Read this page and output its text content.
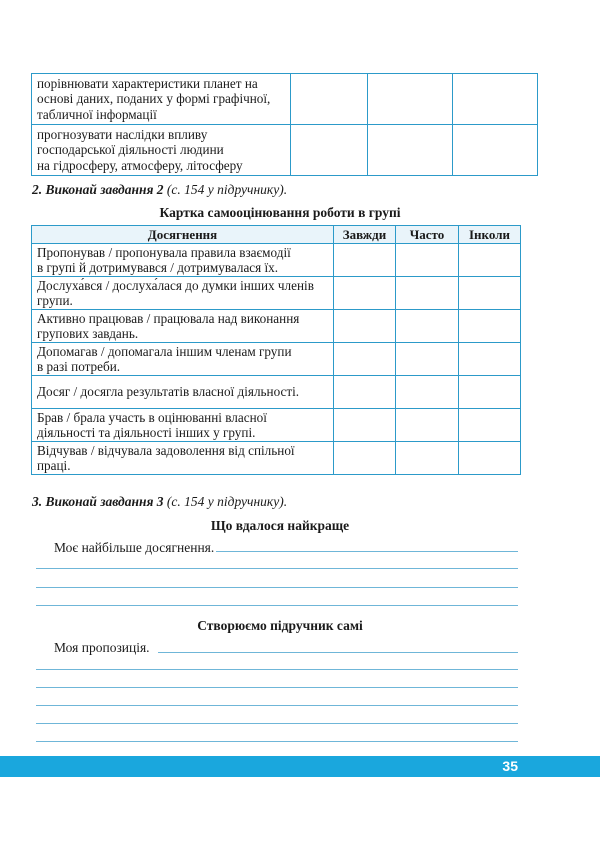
порівнювати характеристики планет на
основі даних, поданих у формі графічної,
табличної інформації			

прогнозувати наслідки впливу
господарської діяльності людини
на гідросферу, атмосферу, літосферу			

2. Виконай завдання 2 (с. 154 у підручнику).
Картка самооцінювання роботи в групі
Досягнення	Завжди	Часто	Інколи

Пропонував / пропонувала правила взаємодії
в групі й дотримувався / дотримувалася їх.			

Дослуха́вся / дослуха́лася до думки інших членів
групи.			

Активно працював / працювала над виконання
групових завдань.			

Допомагав / допомагала іншим членам групи
в разі потреби.			

Досяг / досягла результатів власної діяльності.			

Брав / брала участь в оцінюванні власної
діяльності та діяльності інших у групі.			

Відчував / відчувала задоволення від спільної
праці.			

3. Виконай завдання 3 (с. 154 у підручнику).
Що вдалося найкраще
Моє найбільше досягнення.
Створюємо підручник самі
Моя пропозиція.
35
